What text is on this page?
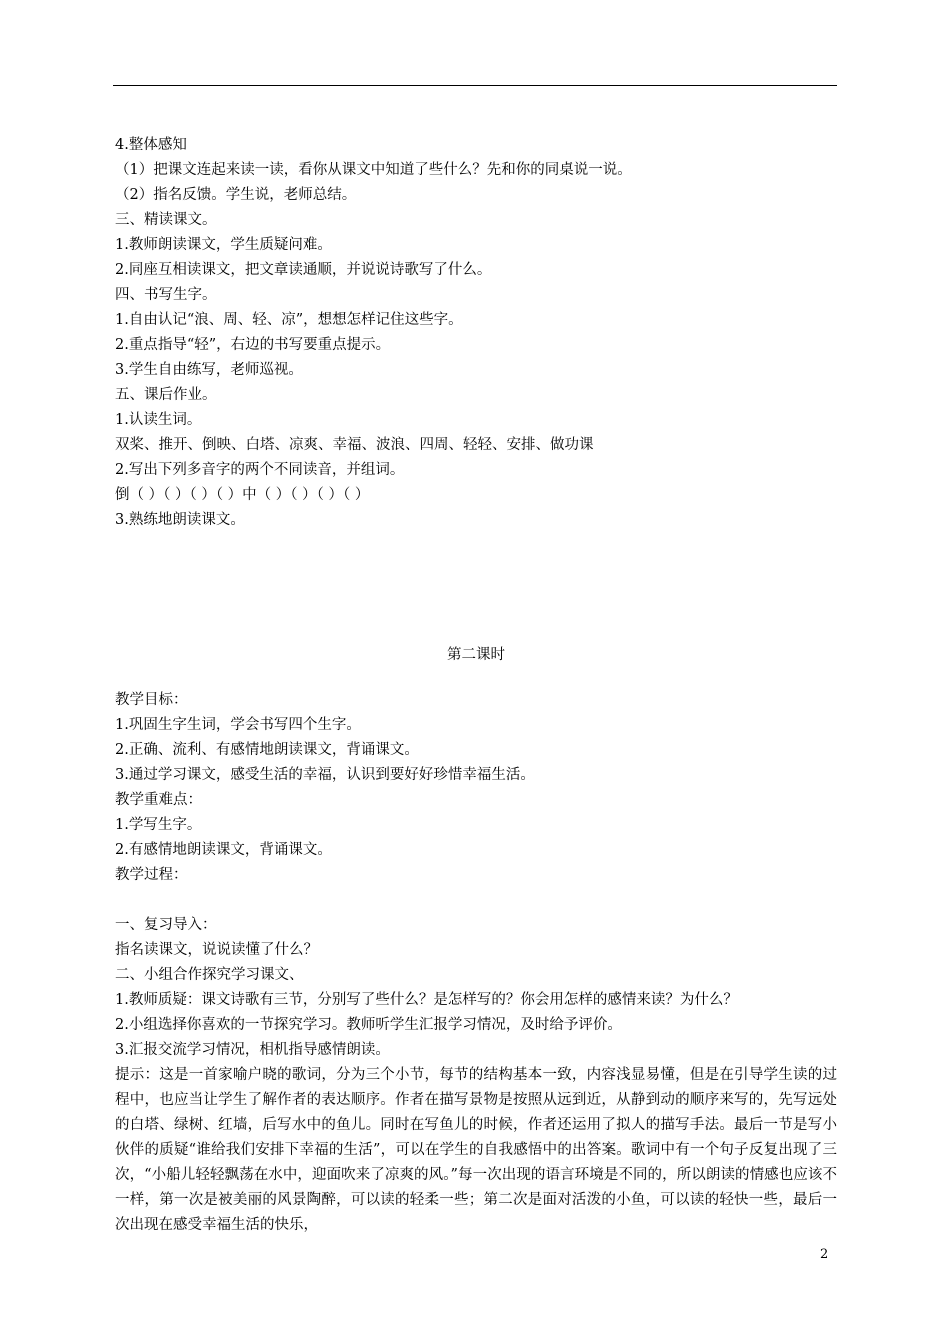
4.整体感知
（1）把课文连起来读一读，看你从课文中知道了些什么？先和你的同桌说一说。
（2）指名反馈。学生说，老师总结。
三、精读课文。
1.教师朗读课文，学生质疑问难。
2.同座互相读课文，把文章读通顺，并说说诗歌写了什么。
四、书写生字。
1.自由认记“浪、周、轻、凉”，想想怎样记住这些字。
2.重点指导“轻”，右边的书写要重点提示。
3.学生自由练写，老师巡视。
五、课后作业。
1.认读生词。
双桨、推开、倒映、白塔、凉爽、幸福、波浪、四周、轻轻、安排、做功课
2.写出下列多音字的两个不同读音，并组词。
倒（ ）（ ）（ ）（ ）中（ ）（ ）（ ）（ ）
3.熟练地朗读课文。
第二课时
教学目标：
1.巩固生字生词，学会书写四个生字。
2.正确、流利、有感情地朗读课文，背诵课文。
3.通过学习课文，感受生活的幸福，认识到要好好珍惜幸福生活。
教学重难点：
1.学写生字。
2.有感情地朗读课文，背诵课文。
教学过程：
一、复习导入：
指名读课文，说说读懂了什么？
二、小组合作探究学习课文、
1.教师质疑：课文诗歌有三节，分别写了些什么？是怎样写的？你会用怎样的感情来读？为什么？
2.小组选择你喜欢的一节探究学习。教师听学生汇报学习情况，及时给予评价。
3.汇报交流学习情况，相机指导感情朗读。
提示：这是一首家喻户晓的歌词，分为三个小节，每节的结构基本一致，内容浅显易懂，但是在引导学生读的过程中，也应当让学生了解作者的表达顺序。作者在描写景物是按照从远到近，从静到动的顺序来写的，先写远处的白塔、绿树、红墙，后写水中的鱼儿。同时在写鱼儿的时候，作者还运用了拟人的描写手法。最后一节是写小伙伴的质疑“谁给我们安排下幸福的生活”，可以在学生的自我感悟中的出答案。歌词中有一个句子反复出现了三次，“小船儿轻轻飘荡在水中，迎面吹来了凉爽的风。”每一次出现的语言环境是不同的，所以朗读的情感也应该不一样，第一次是被美丽的风景陶醉，可以读的轻柔一些；第二次是面对活泼的小鱼，可以读的轻快一些，最后一次出现在感受幸福生活的快乐，
2
